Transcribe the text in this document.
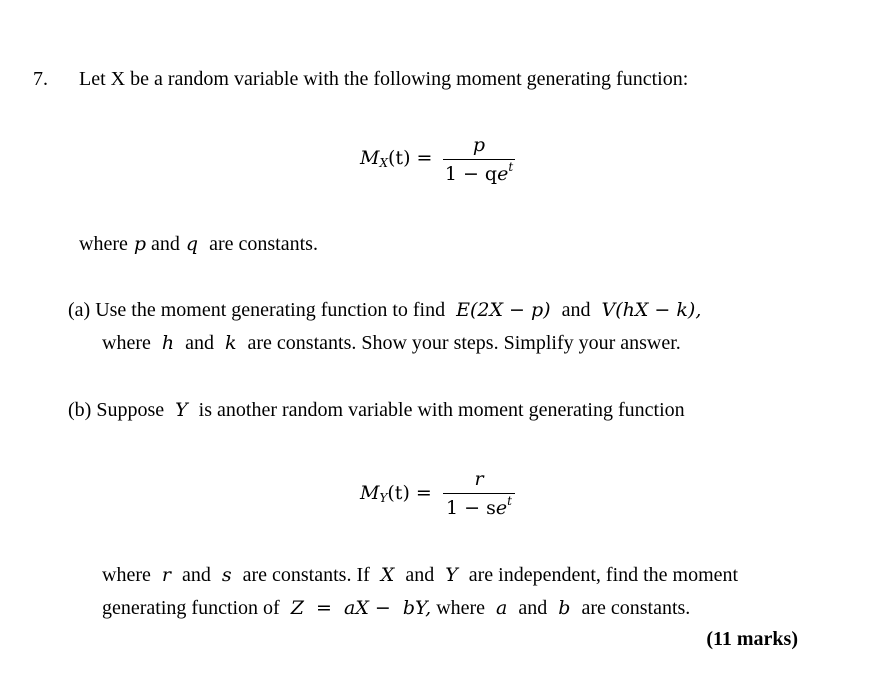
7. Let X be a random variable with the following moment generating function:
$M_X(t)$ =
p
$1 - qe^t$
where p and q are constants.
(a) Use the moment generating function to find E(2X − p) and V(hX − k),
where h and k are constants. Show your steps. Simplify your answer.
(b) Suppose Y is another random variable with moment generating function
$M_Y(t)$ =
r
$1 - se^t$
where r and s are constants. If X and Y are independent, find the moment
generating function of Z  =  aX −  bY, where a and b are constants.
(11 marks)
